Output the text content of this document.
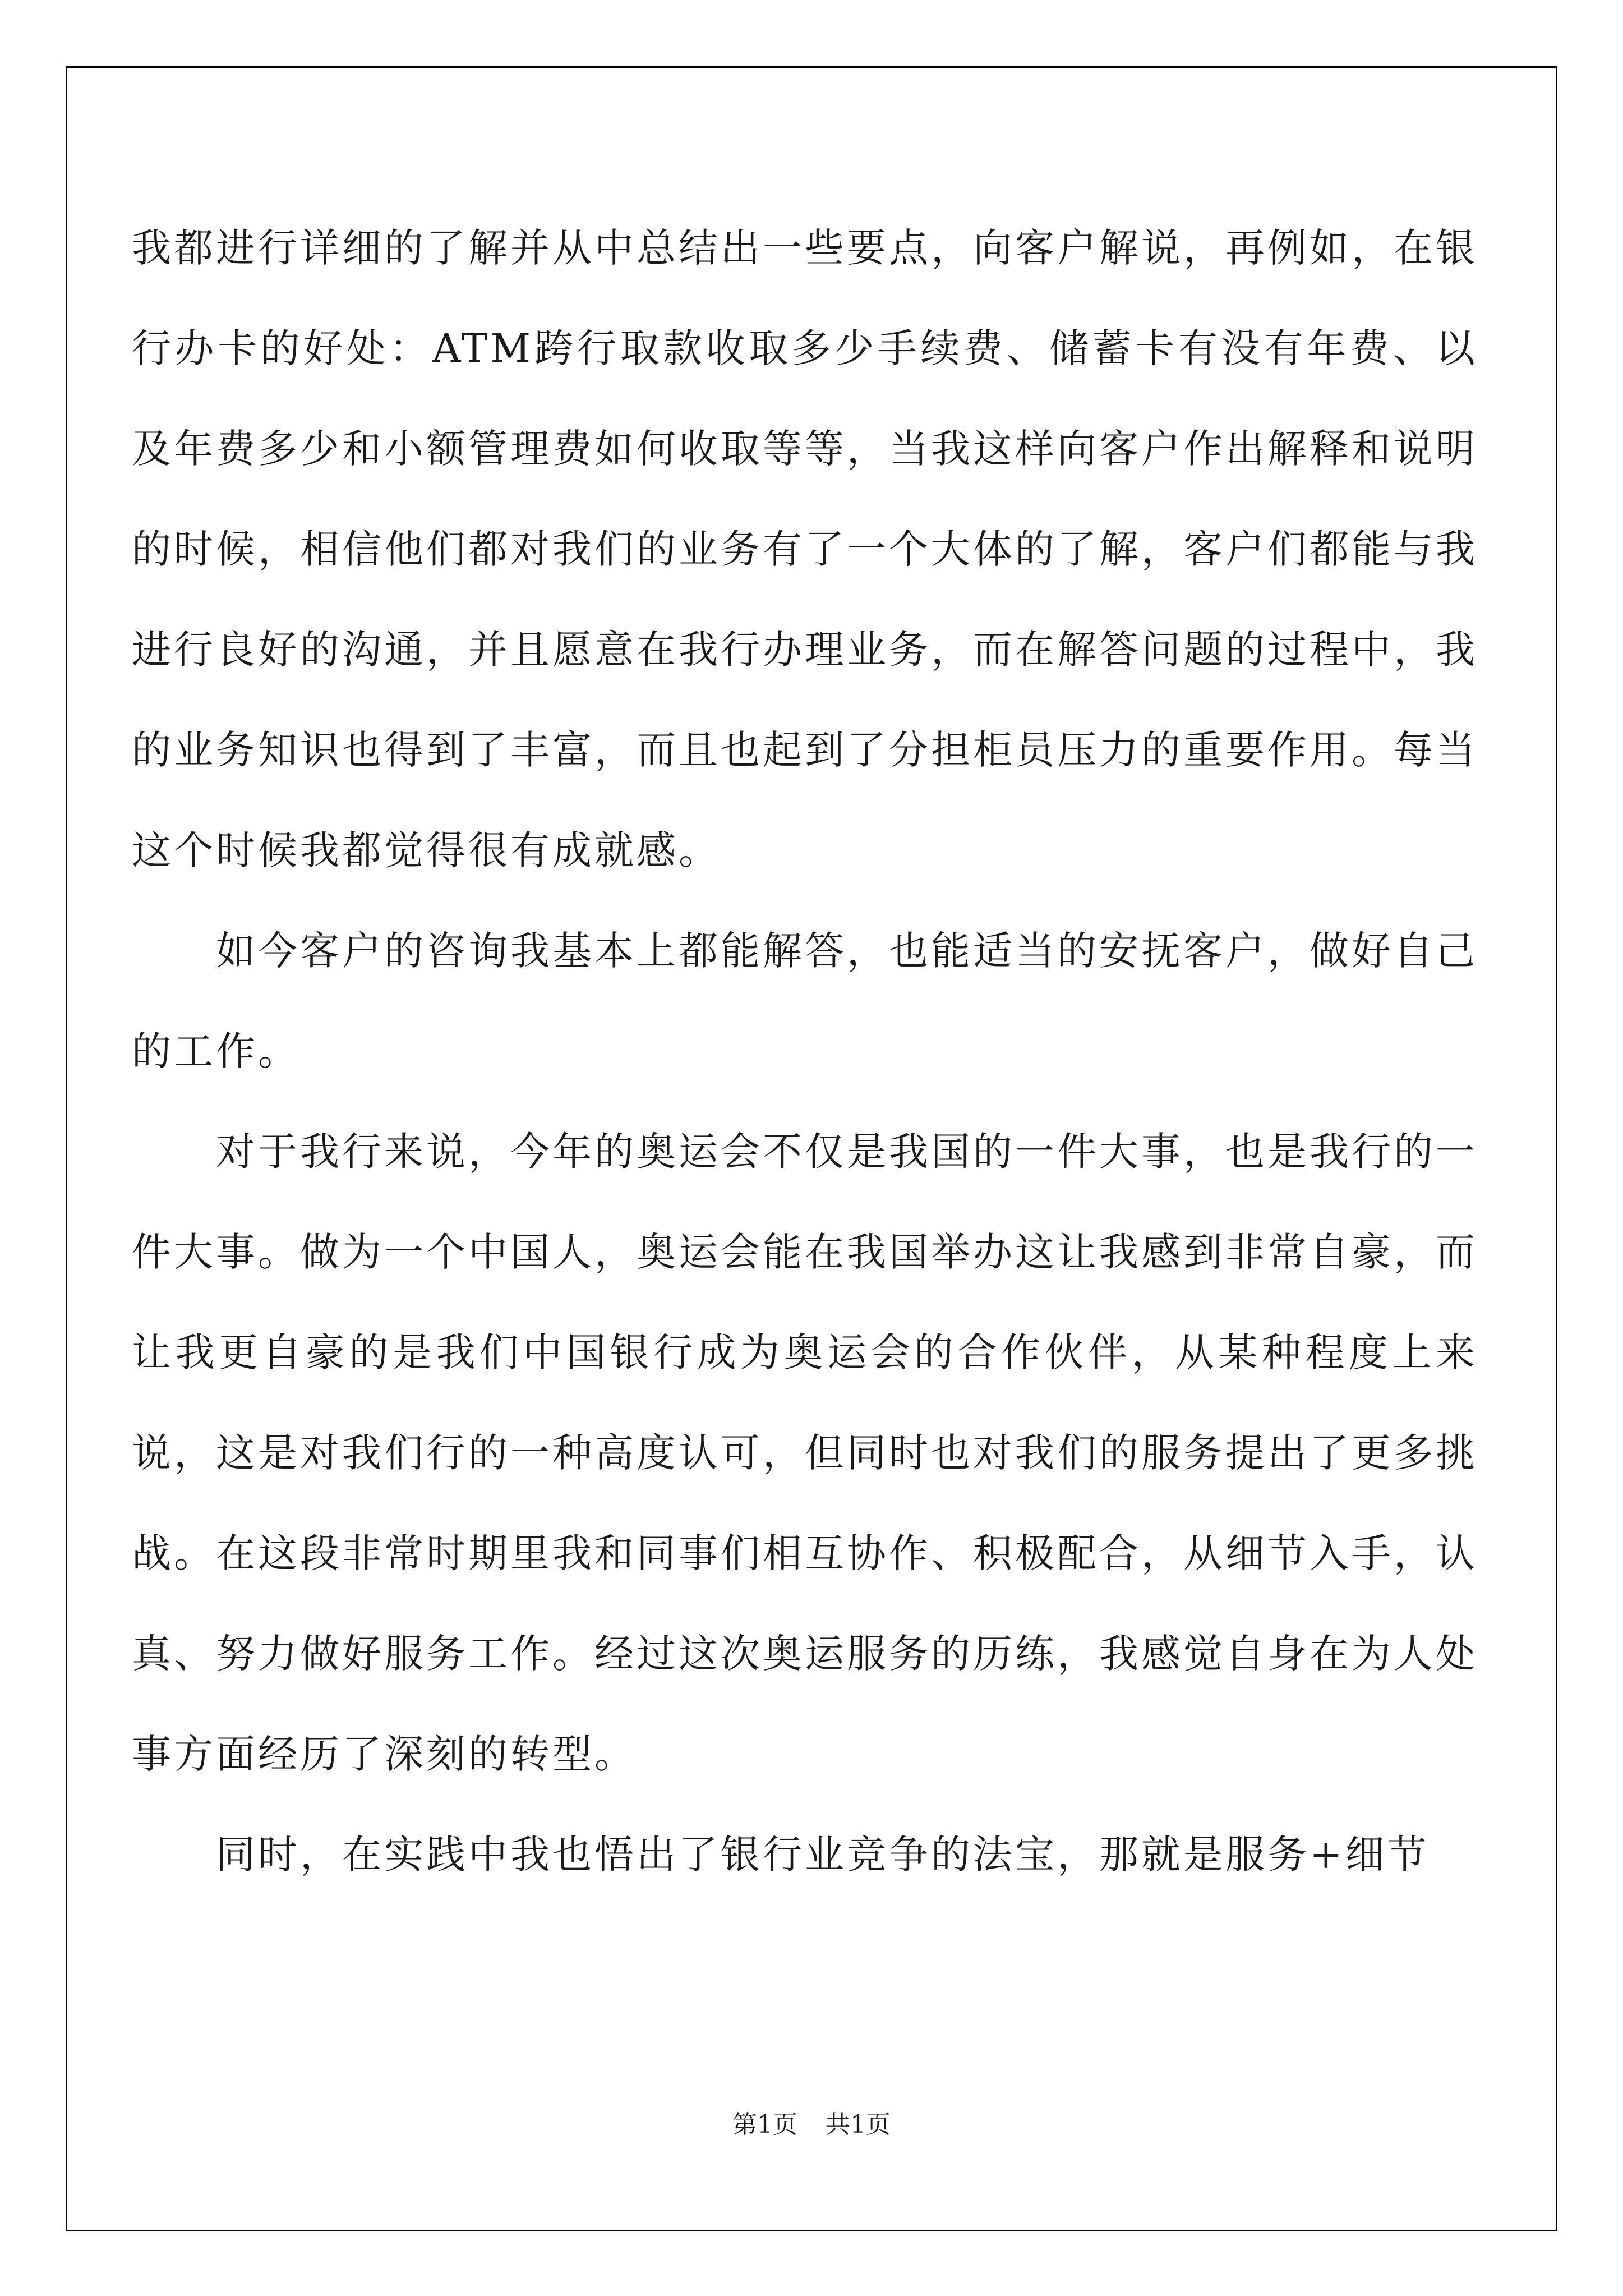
我都进行详细的了解并从中总结出一些要点，向客户解说，再例如，在银行办卡的好处：ATM跨行取款收取多少手续费、储蓄卡有没有年费、以及年费多少和小额管理费如何收取等等，当我这样向客户作出解释和说明的时候，相信他们都对我们的业务有了一个大体的了解，客户们都能与我进行良好的沟通，并且愿意在我行办理业务，而在解答问题的过程中，我的业务知识也得到了丰富，而且也起到了分担柜员压力的重要作用。每当这个时候我都觉得很有成就感。

如今客户的咨询我基本上都能解答，也能适当的安抚客户，做好自己的工作。

对于我行来说，今年的奥运会不仅是我国的一件大事，也是我行的一件大事。做为一个中国人，奥运会能在我国举办这让我感到非常自豪，而让我更自豪的是我们中国银行成为奥运会的合作伙伴，从某种程度上来说，这是对我们行的一种高度认可，但同时也对我们的服务提出了更多挑战。在这段非常时期里我和同事们相互协作、积极配合，从细节入手，认真、努力做好服务工作。经过这次奥运服务的历练，我感觉自身在为人处事方面经历了深刻的转型。

同时，在实践中我也悟出了银行业竞争的法宝，那就是服务+细节

第1页 共1页
